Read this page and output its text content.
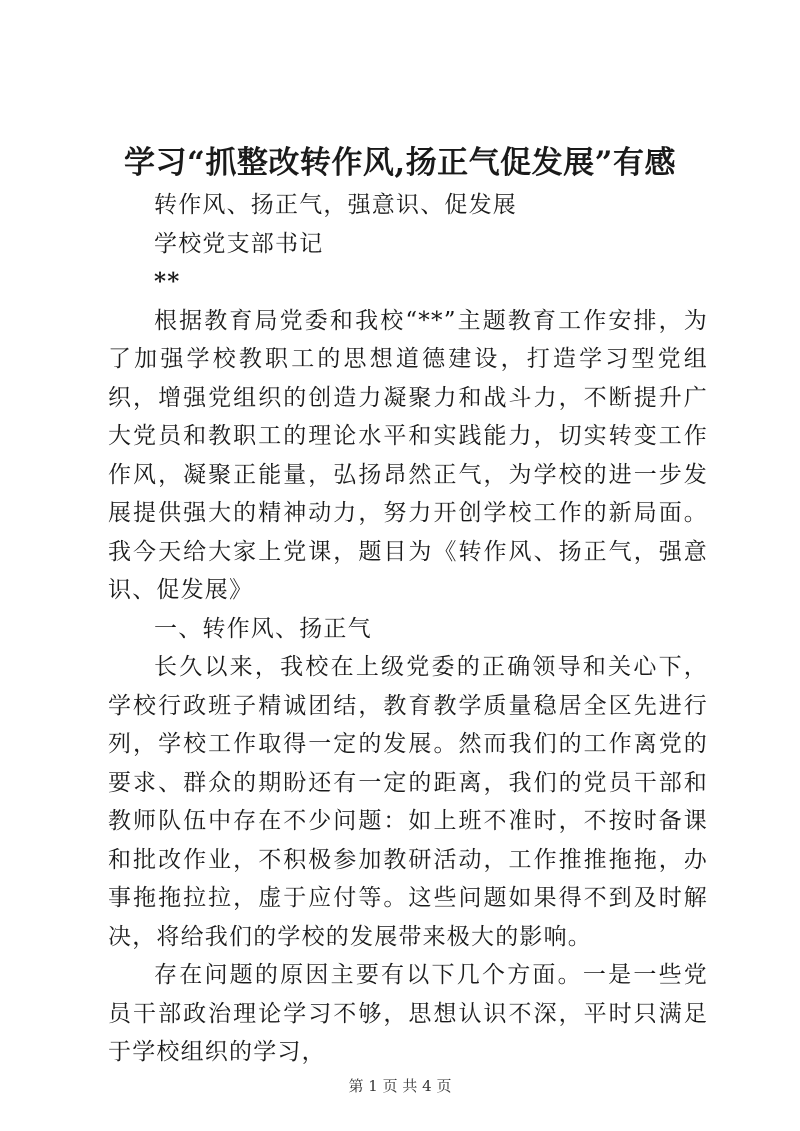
学习“抓整改转作风,扬正气促发展”有感

转作风、扬正气，强意识、促发展

学校党支部书记

**

根据教育局党委和我校“**”主题教育工作安排，为了加强学校教职工的思想道德建设，打造学习型党组织，增强党组织的创造力凝聚力和战斗力，不断提升广大党员和教职工的理论水平和实践能力，切实转变工作作风，凝聚正能量，弘扬昂然正气，为学校的进一步发展提供强大的精神动力，努力开创学校工作的新局面。我今天给大家上党课，题目为《转作风、扬正气，强意识、促发展》

一、转作风、扬正气

长久以来，我校在上级党委的正确领导和关心下，学校行政班子精诚团结，教育教学质量稳居全区先进行列，学校工作取得一定的发展。然而我们的工作离党的要求、群众的期盼还有一定的距离，我们的党员干部和教师队伍中存在不少问题：如上班不准时，不按时备课和批改作业，不积极参加教研活动，工作推推拖拖，办事拖拖拉拉，虚于应付等。这些问题如果得不到及时解决，将给我们的学校的发展带来极大的影响。

存在问题的原因主要有以下几个方面。一是一些党员干部政治理论学习不够，思想认识不深，平时只满足于学校组织的学习，

第 1 页 共 4 页
